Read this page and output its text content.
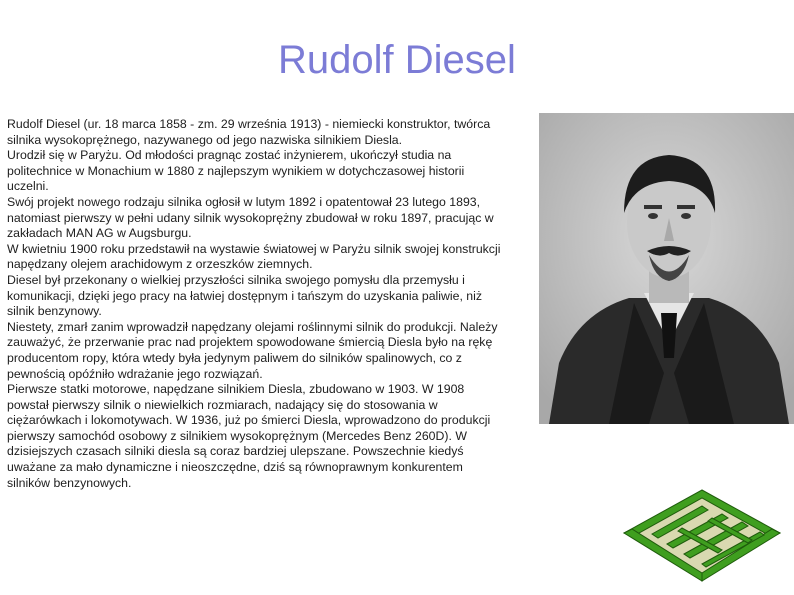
Rudolf Diesel

Rudolf Diesel (ur. 18 marca 1858 - zm. 29 września 1913) - niemiecki konstruktor, twórca silnika wysokoprężnego, nazywanego od jego nazwiska silnikiem Diesla.

Urodził się w Paryżu. Od młodości pragnąc zostać inżynierem, ukończył studia na politechnice w Monachium w 1880 z najlepszym wynikiem w dotychczasowej historii uczelni.

Swój projekt nowego rodzaju silnika ogłosił w lutym 1892 i opatentował 23 lutego 1893, natomiast pierwszy w pełni udany silnik wysokoprężny zbudował w roku 1897, pracując w zakładach MAN AG w Augsburgu.

W kwietniu 1900 roku przedstawił na wystawie światowej w Paryżu silnik swojej konstrukcji napędzany olejem arachidowym z orzeszków ziemnych.

Diesel był przekonany o wielkiej przyszłości silnika swojego pomysłu dla przemysłu i komunikacji, dzięki jego pracy na łatwiej dostępnym i tańszym do uzyskania paliwie, niż silnik benzynowy.

Niestety, zmarł zanim wprowadził napędzany olejami roślinnymi silnik do produkcji. Należy zauważyć, że przerwanie prac nad projektem spowodowane śmiercią Diesla było na rękę producentom ropy, która wtedy była jedynym paliwem do silników spalinowych, co z pewnością opóźniło wdrażanie jego rozwiązań.

Pierwsze statki motorowe, napędzane silnikiem Diesla, zbudowano w 1903. W 1908 powstał pierwszy silnik o niewielkich rozmiarach, nadający się do stosowania w ciężarówkach i lokomotywach. W 1936, już po śmierci Diesla, wprowadzono do produkcji pierwszy samochód osobowy z silnikiem wysokoprężnym (Mercedes Benz 260D). W dzisiejszych czasach silniki diesla są coraz bardziej ulepszane. Powszechnie kiedyś uważane za mało dynamiczne i nieoszczędne, dziś są równoprawnym konkurentem silników benzynowych.
